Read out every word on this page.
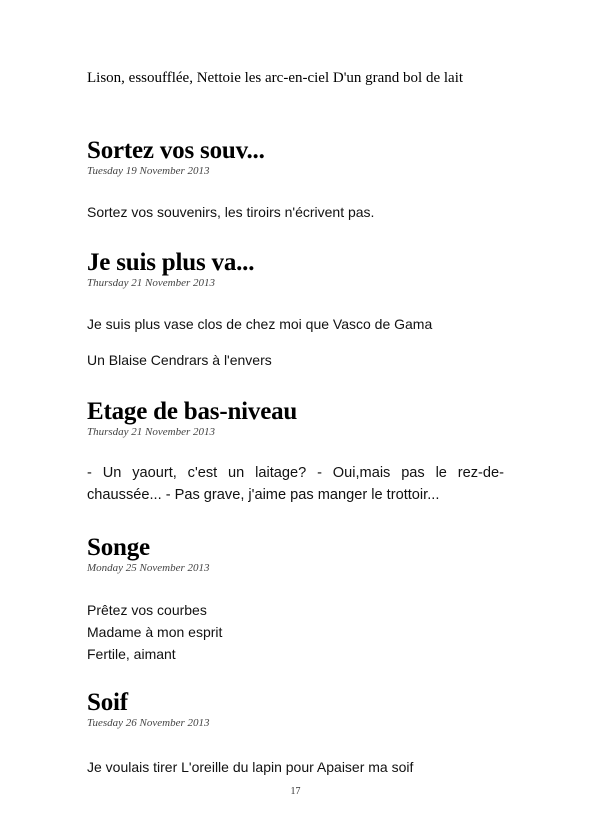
Lison, essoufflée, Nettoie les arc-en-ciel D'un grand bol de lait

Sortez vos souv...
Tuesday 19 November 2013

Sortez vos souvenirs, les tiroirs n'écrivent pas.

Je suis plus va...
Thursday 21 November 2013

Je suis plus vase clos de chez moi que Vasco de Gama

Un Blaise Cendrars à l'envers

Etage de bas-niveau
Thursday 21 November 2013

- Un yaourt, c'est un laitage? - Oui,mais pas le rez-de-chaussée... - Pas grave, j'aime pas manger le trottoir...

Songe
Monday 25 November 2013
Prêtez vos courbes
Madame à mon esprit
Fertile, aimant
Soif
Tuesday 26 November 2013

Je voulais tirer L'oreille du lapin pour Apaiser ma soif

17
